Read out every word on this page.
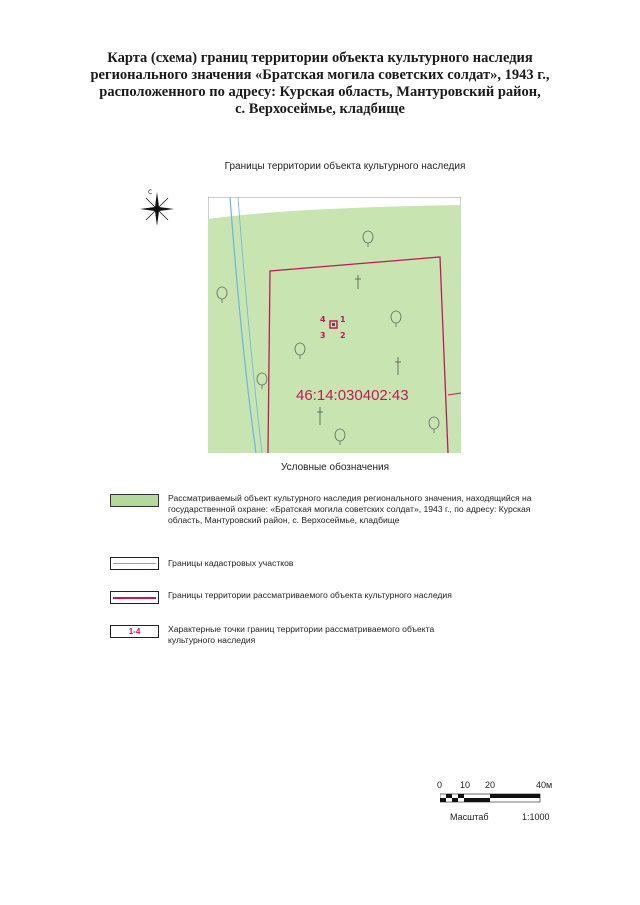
Карта (схема) границ территории объекта культурного наследия
регионального значения «Братская могила советских солдат», 1943 г.,
расположенного по адресу: Курская область, Мантуровский район,
с. Верхосеймье, кладбище
Границы территории объекта культурного наследия
С
1
2
3
4
46:14:030402:43
Условные обозначения
Рассматриваемый объект культурного наследия регионального значения, находящийся на государственной охране: «Братская могила советских солдат», 1943 г., по адресу: Курская область, Мантуровский район, с. Верхосеймье, кладбище
Границы кадастровых участков
Границы территории рассматриваемого объекта культурного наследия
1-4	Характерные точки границ территории рассматриваемого объекта культурного наследия
0 10 20	40м
Масштаб	1:1000
